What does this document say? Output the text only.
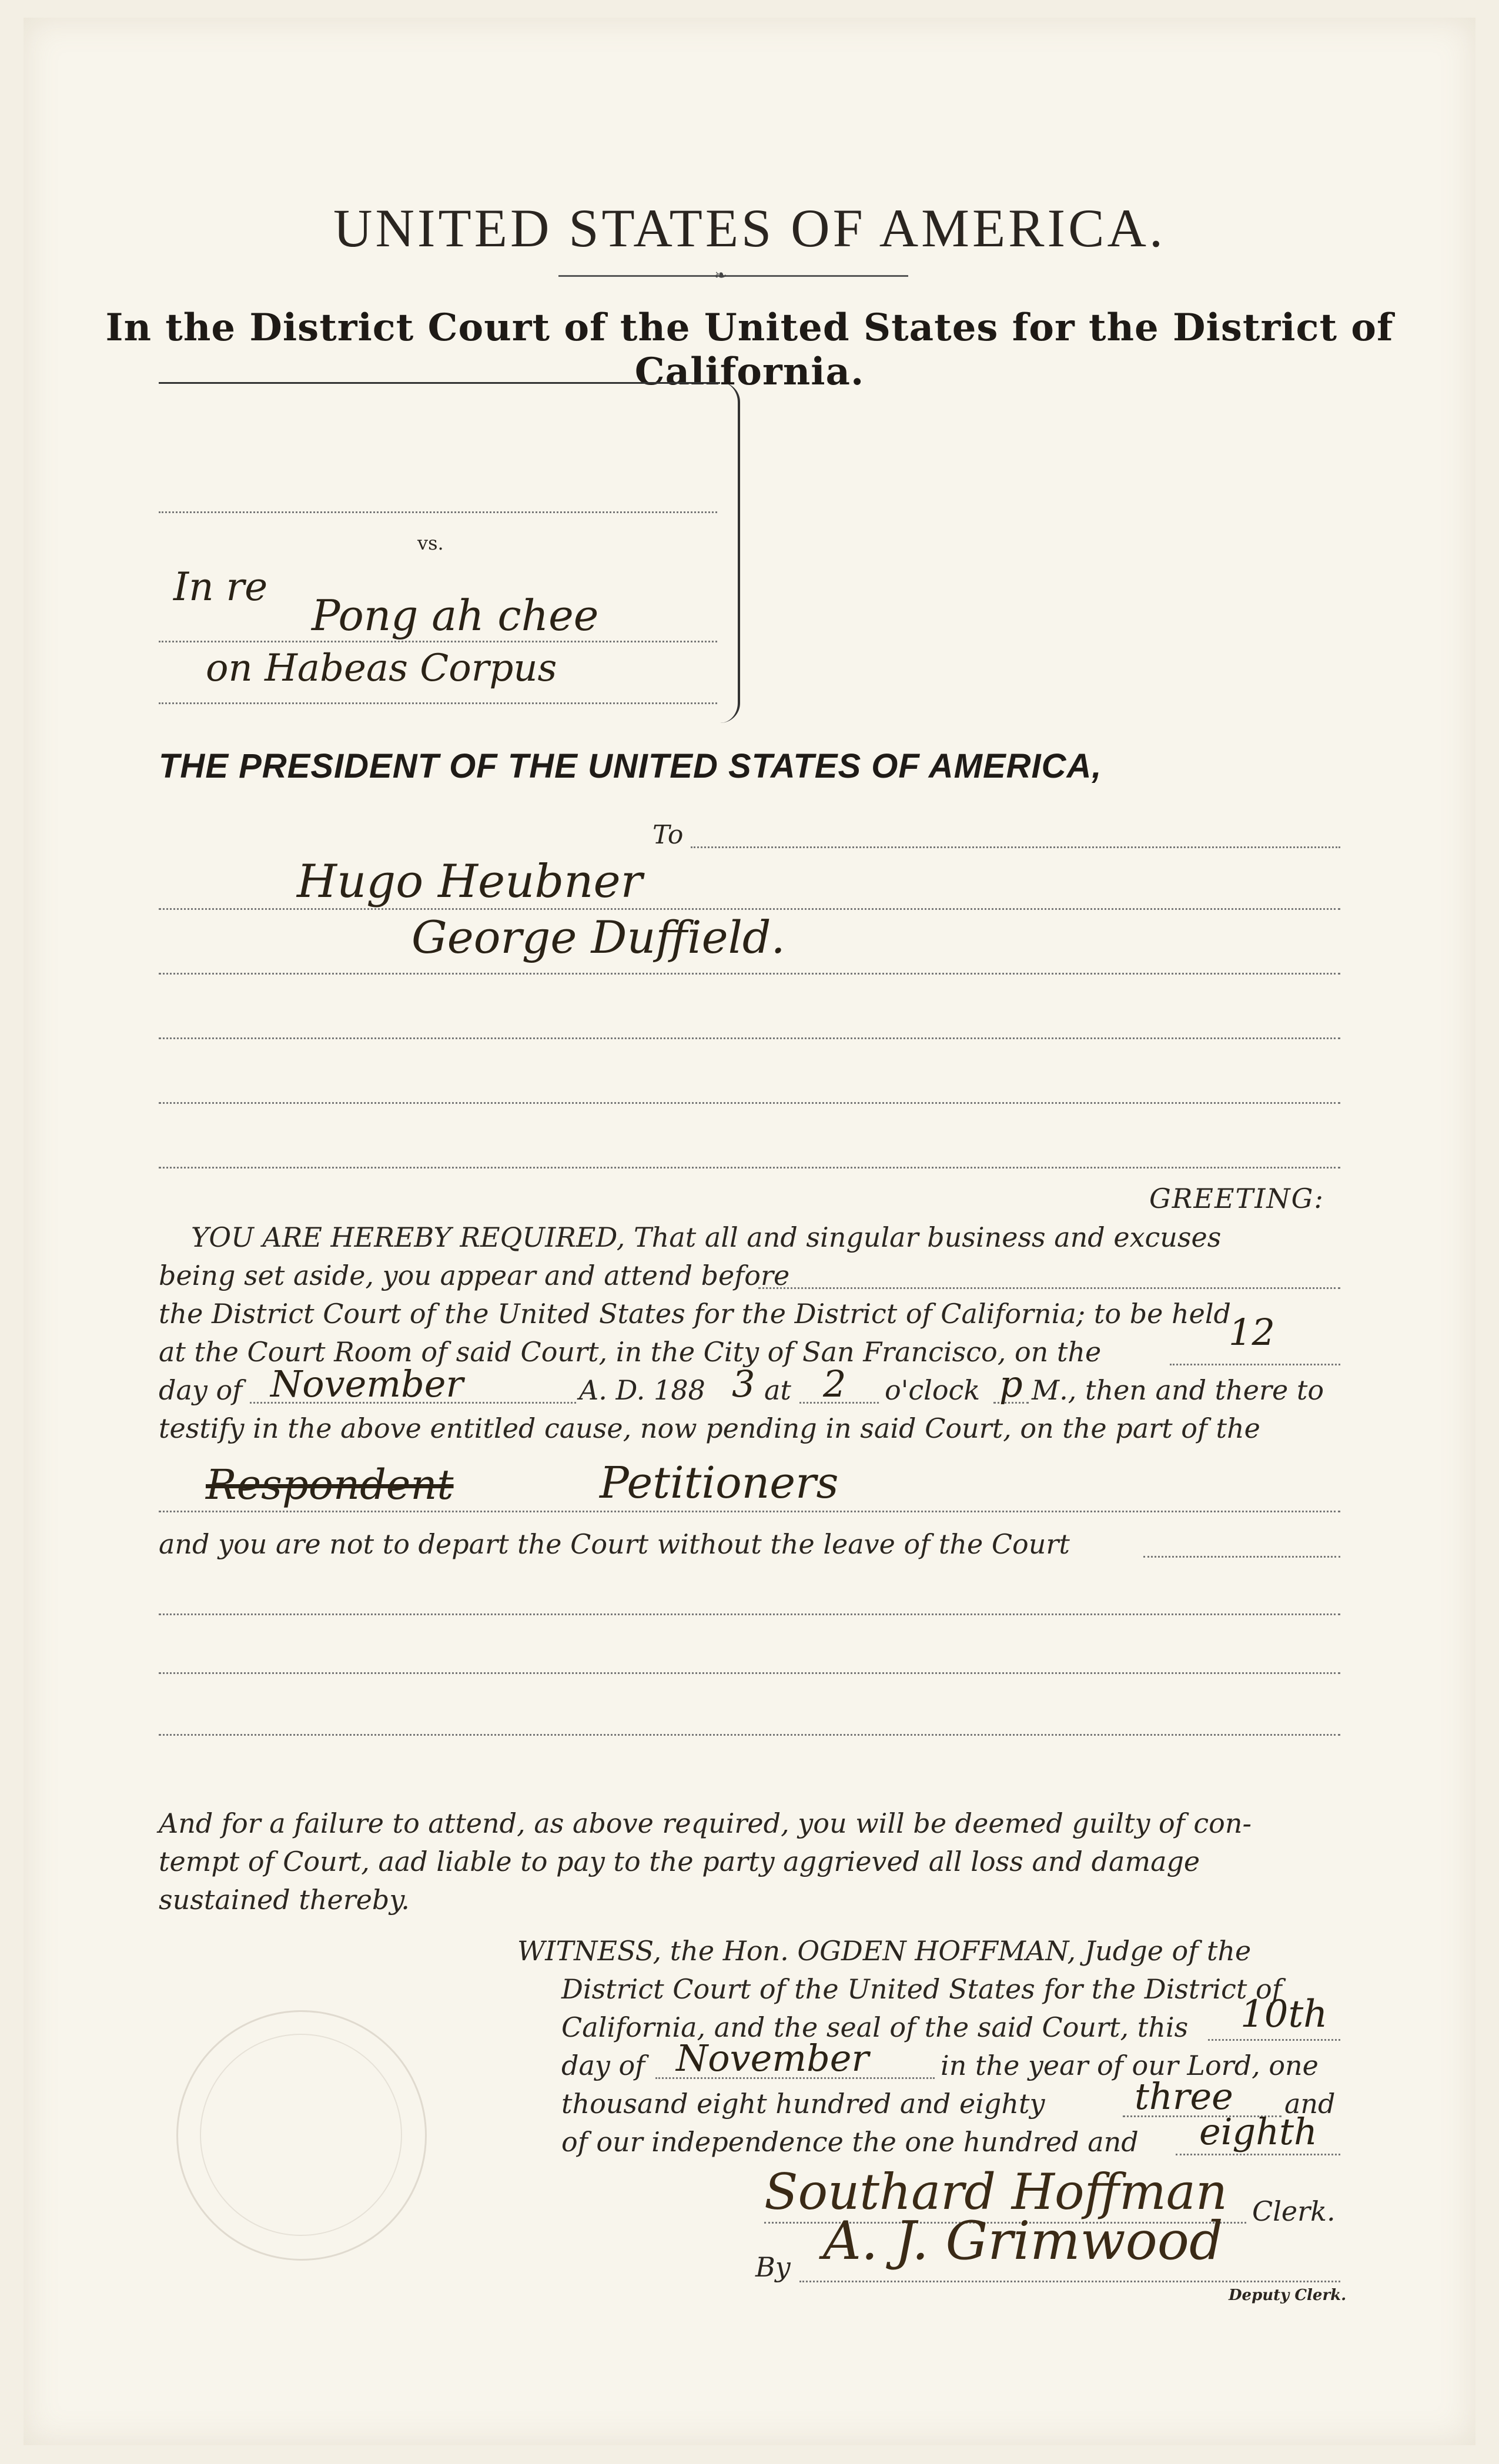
UNITED STATES OF AMERICA.
❧
In the District Court of the United States for the District of California.
vs.
In re
Pong ah chee
on Habeas Corpus
THE PRESIDENT OF THE UNITED STATES OF AMERICA,
To
Hugo Heubner
George Duffield.
GREETING:
YOU ARE HEREBY REQUIRED, That all and singular business and excuses
being set aside, you appear and attend before
the District Court of the United States for the District of California; to be held
at the Court Room of said Court, in the City of San Francisco, on the	12
day of November	A. D. 188 3 at 2 o'clock p M., then and there to
testify in the above entitled cause, now pending in said Court, on the part of the
Respondent	Petitioners
and you are not to depart the Court without the leave of the Court
And for a failure to attend, as above required, you will be deemed guilty of con-
tempt of Court, aad liable to pay to the party aggrieved all loss and damage
sustained thereby.
WITNESS, the Hon. OGDEN HOFFMAN, Judge of the
District Court of the United States for the District of
California, and the seal of the said Court, this	10th
day of November	in the year of our Lord, one
thousand eight hundred and eighty three and
of our independence the one hundred and eighth
Southard Hoffman Clerk.
By A. J. Grimwood
Deputy Clerk.
